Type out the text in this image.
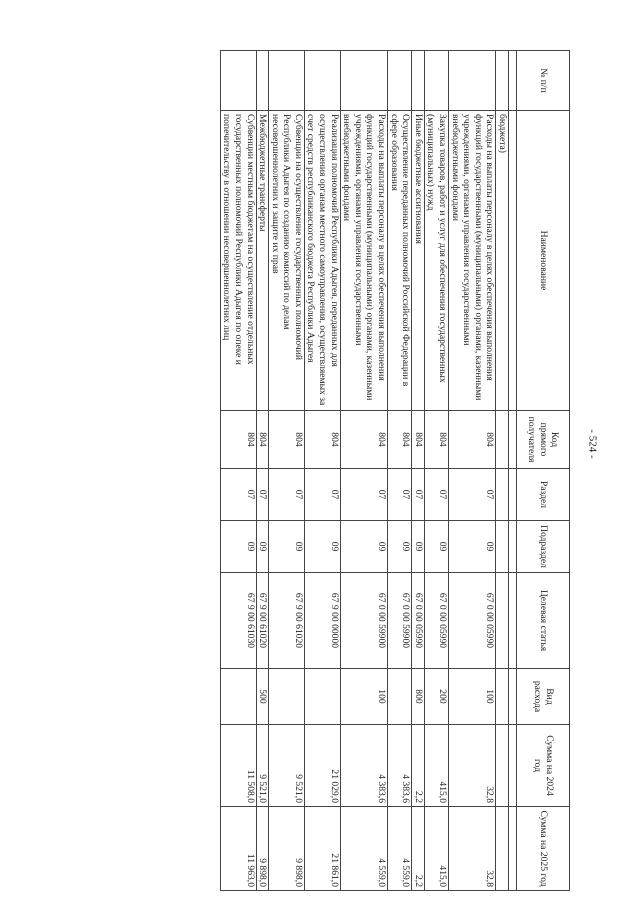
- 524 -
№ п/п	Наименование	Код прямого получателя	Раздел	Подраздел	Целевая статья	Вид расхода	Сумма на 2024 год	Сумма на 2025 год

	бюджета)							
	Расходы на выплаты персоналу в целях обеспечения выполнения функций государственными (муниципальными) органами, казенными учреждениями, органами управления государственными внебюджетными фондами	804	07	09	67 0 00 05990	100	32,8	32,8
	Закупка товаров, работ и услуг для обеспечения государственных (муниципальных) нужд	804	07	09	67 0 00 05990	200	415,0	415,0
	Иные бюджетные ассигнования	804	07	09	67 0 00 05990	800	2,2	2,2
	Осуществление переданных полномочий Российской Федерации в сфере образования	804	07	09	67 0 00 59900		4 383,6	4 559,0
	Расходы на выплаты персоналу в целях обеспечения выполнения функций государственными (муниципальными) органами, казенными учреждениями, органами управления государственными внебюджетными фондами	804	07	09	67 0 00 59900	100	4 383,6	4 559,0
	Реализация полномочий Республики Адыгея, переданных для осуществления органам местного самоуправления, осуществляемых за счет средств республиканского бюджета Республики Адыгея	804	07	09	67 9 00 00000		21 029,0	21 861,0
	Субвенции на осуществление государственных полномочий Республики Адыгея по созданию комиссий по делам несовершеннолетних и защите их прав	804	07	09	67 9 00 61020		9 521,0	9 898,0
	Межбюджетные трансферты	804	07	09	67 9 00 61020	500	9 521,0	9 898,0
	Субвенции местным бюджетам на осуществление отдельных государственных полномочий Республики Адыгея по опеке и попечительству в отношении несовершеннолетних лиц	804	07	09	67 9 00 61030		11 508,0	11 963,0
